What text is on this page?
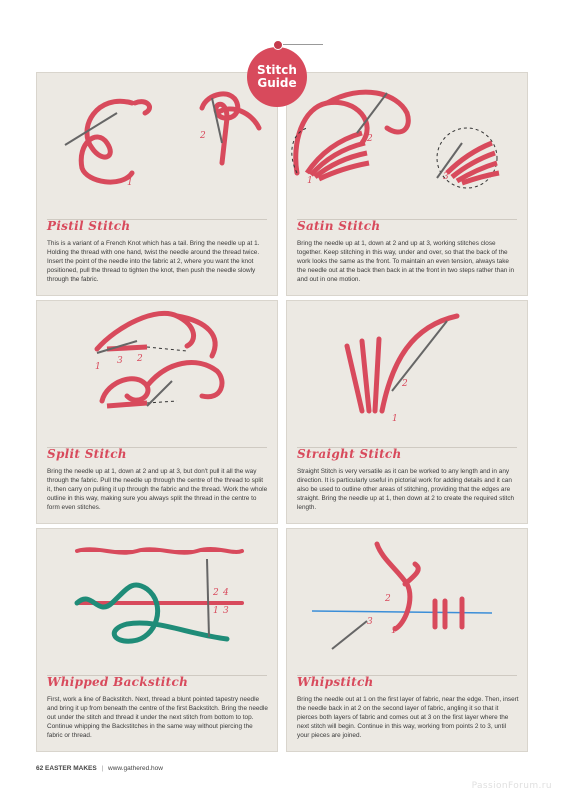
Stitch
Guide
1
2
Pistil Stitch

This is a variant of a French Knot which has a tail. Bring the needle up at 1. Holding the thread with one hand, twist the needle around the thread twice. Insert the point of the needle into the fabric at 2, where you want the knot positioned, pull the thread to tighten the knot, then push the needle slowly through the fabric.

1
2
3
Satin Stitch

Bring the needle up at 1, down at 2 and up at 3, working stitches close together. Keep stitching in this way, under and over, so that the back of the work looks the same as the front. To maintain an even tension, always take the needle out at the back then back in at the front in two steps rather than in and out in one motion.

1
3 2
Split Stitch

Bring the needle up at 1, down at 2 and up at 3, but don't pull it all the way through the fabric. Pull the needle up through the centre of the thread to split it, then carry on pulling it up through the fabric and the thread. Work the whole outline in this way, making sure you always split the thread in the centre to form even stitches.

2
1
Straight Stitch

Straight Stitch is very versatile as it can be worked to any length and in any direction. It is particularly useful in pictorial work for adding details and it can also be used to outline other areas of stitching, providing that the edges are straight. Bring the needle up at 1, then down at 2 to create the required stitch length.

2 4
1 3
Whipped Backstitch

First, work a line of Backstitch. Next, thread a blunt pointed tapestry needle and bring it up from beneath the centre of the first Backstitch. Bring the needle out under the stitch and thread it under the next stitch from bottom to top. Continue whipping the Backstitches in the same way without piercing the fabric or thread.

2
3
1
Whipstitch

Bring the needle out at 1 on the first layer of fabric, near the edge. Then, insert the needle back in at 2 on the second layer of fabric, angling it so that it pierces both layers of fabric and comes out at 3 on the first layer where the next stitch will begin. Continue in this way, working from points 2 to 3, until your pieces are joined.

62 EASTER MAKES | www.gathered.how
PassionForum.ru
